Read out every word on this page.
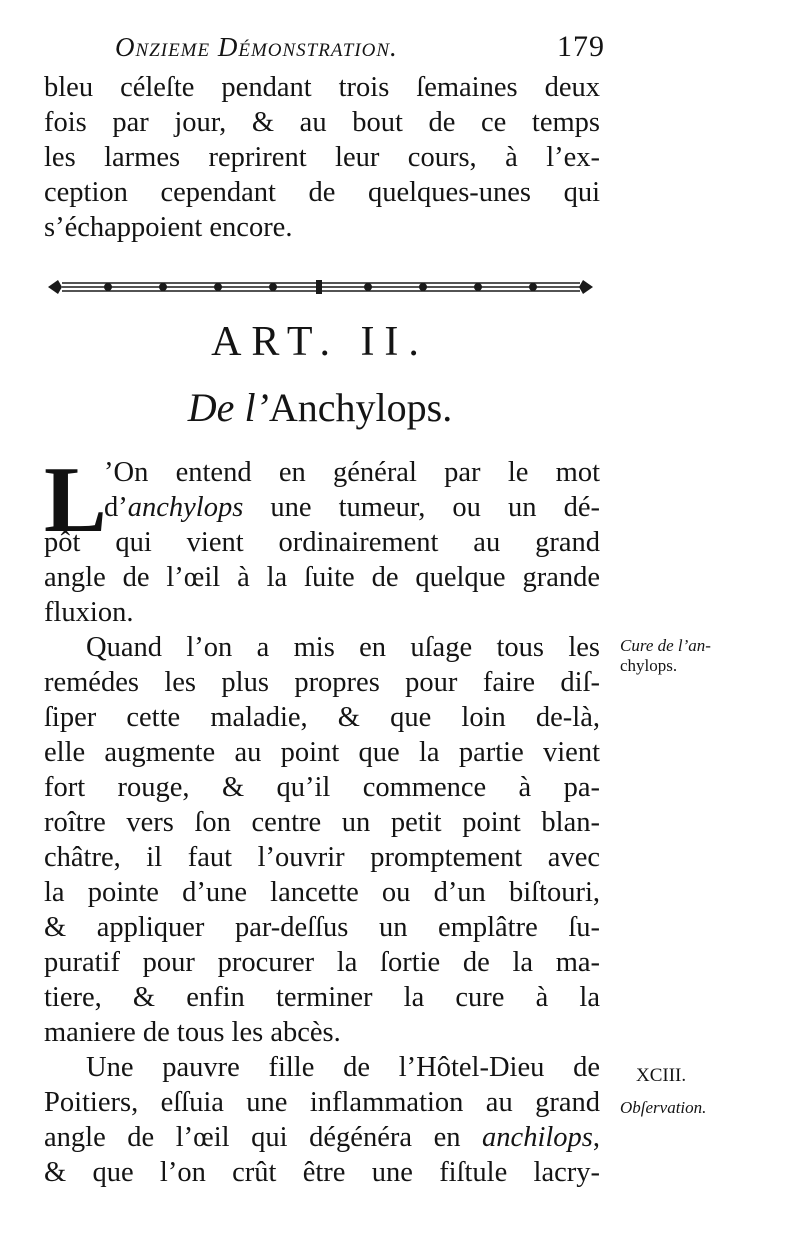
Onzieme Démonstration.	179
bleu céleſte pendant trois ſemaines deux
fois par jour, & au bout de ce temps
les larmes reprirent leur cours, à l’ex-
ception cependant de quelques-unes qui
s’échappoient encore.
ART. II.
De l’Anchylops.
L
’On entend en général par le mot
d’anchylops une tumeur, ou un dé-
pôt qui vient ordinairement au grand
angle de l’œil à la ſuite de quelque grande
fluxion.
Quand l’on a mis en uſage tous les
remédes les plus propres pour faire diſ-
ſiper cette maladie, & que loin de-là,
elle augmente au point que la partie vient
fort rouge, & qu’il commence à pa-
roître vers ſon centre un petit point blan-
châtre, il faut l’ouvrir promptement avec
la pointe d’une lancette ou d’un biſtouri,
& appliquer par-deſſus un emplâtre ſu-
puratif pour procurer la ſortie de la ma-
tiere, & enfin terminer la cure à la
maniere de tous les abcès.
Une pauvre fille de l’Hôtel-Dieu de
Poitiers, eſſuia une inflammation au grand
angle de l’œil qui dégénéra en anchilops,
& que l’on crût être une fiſtule lacry-
Cure de l’an-
chylops.
XCIII.
Obſervation.
